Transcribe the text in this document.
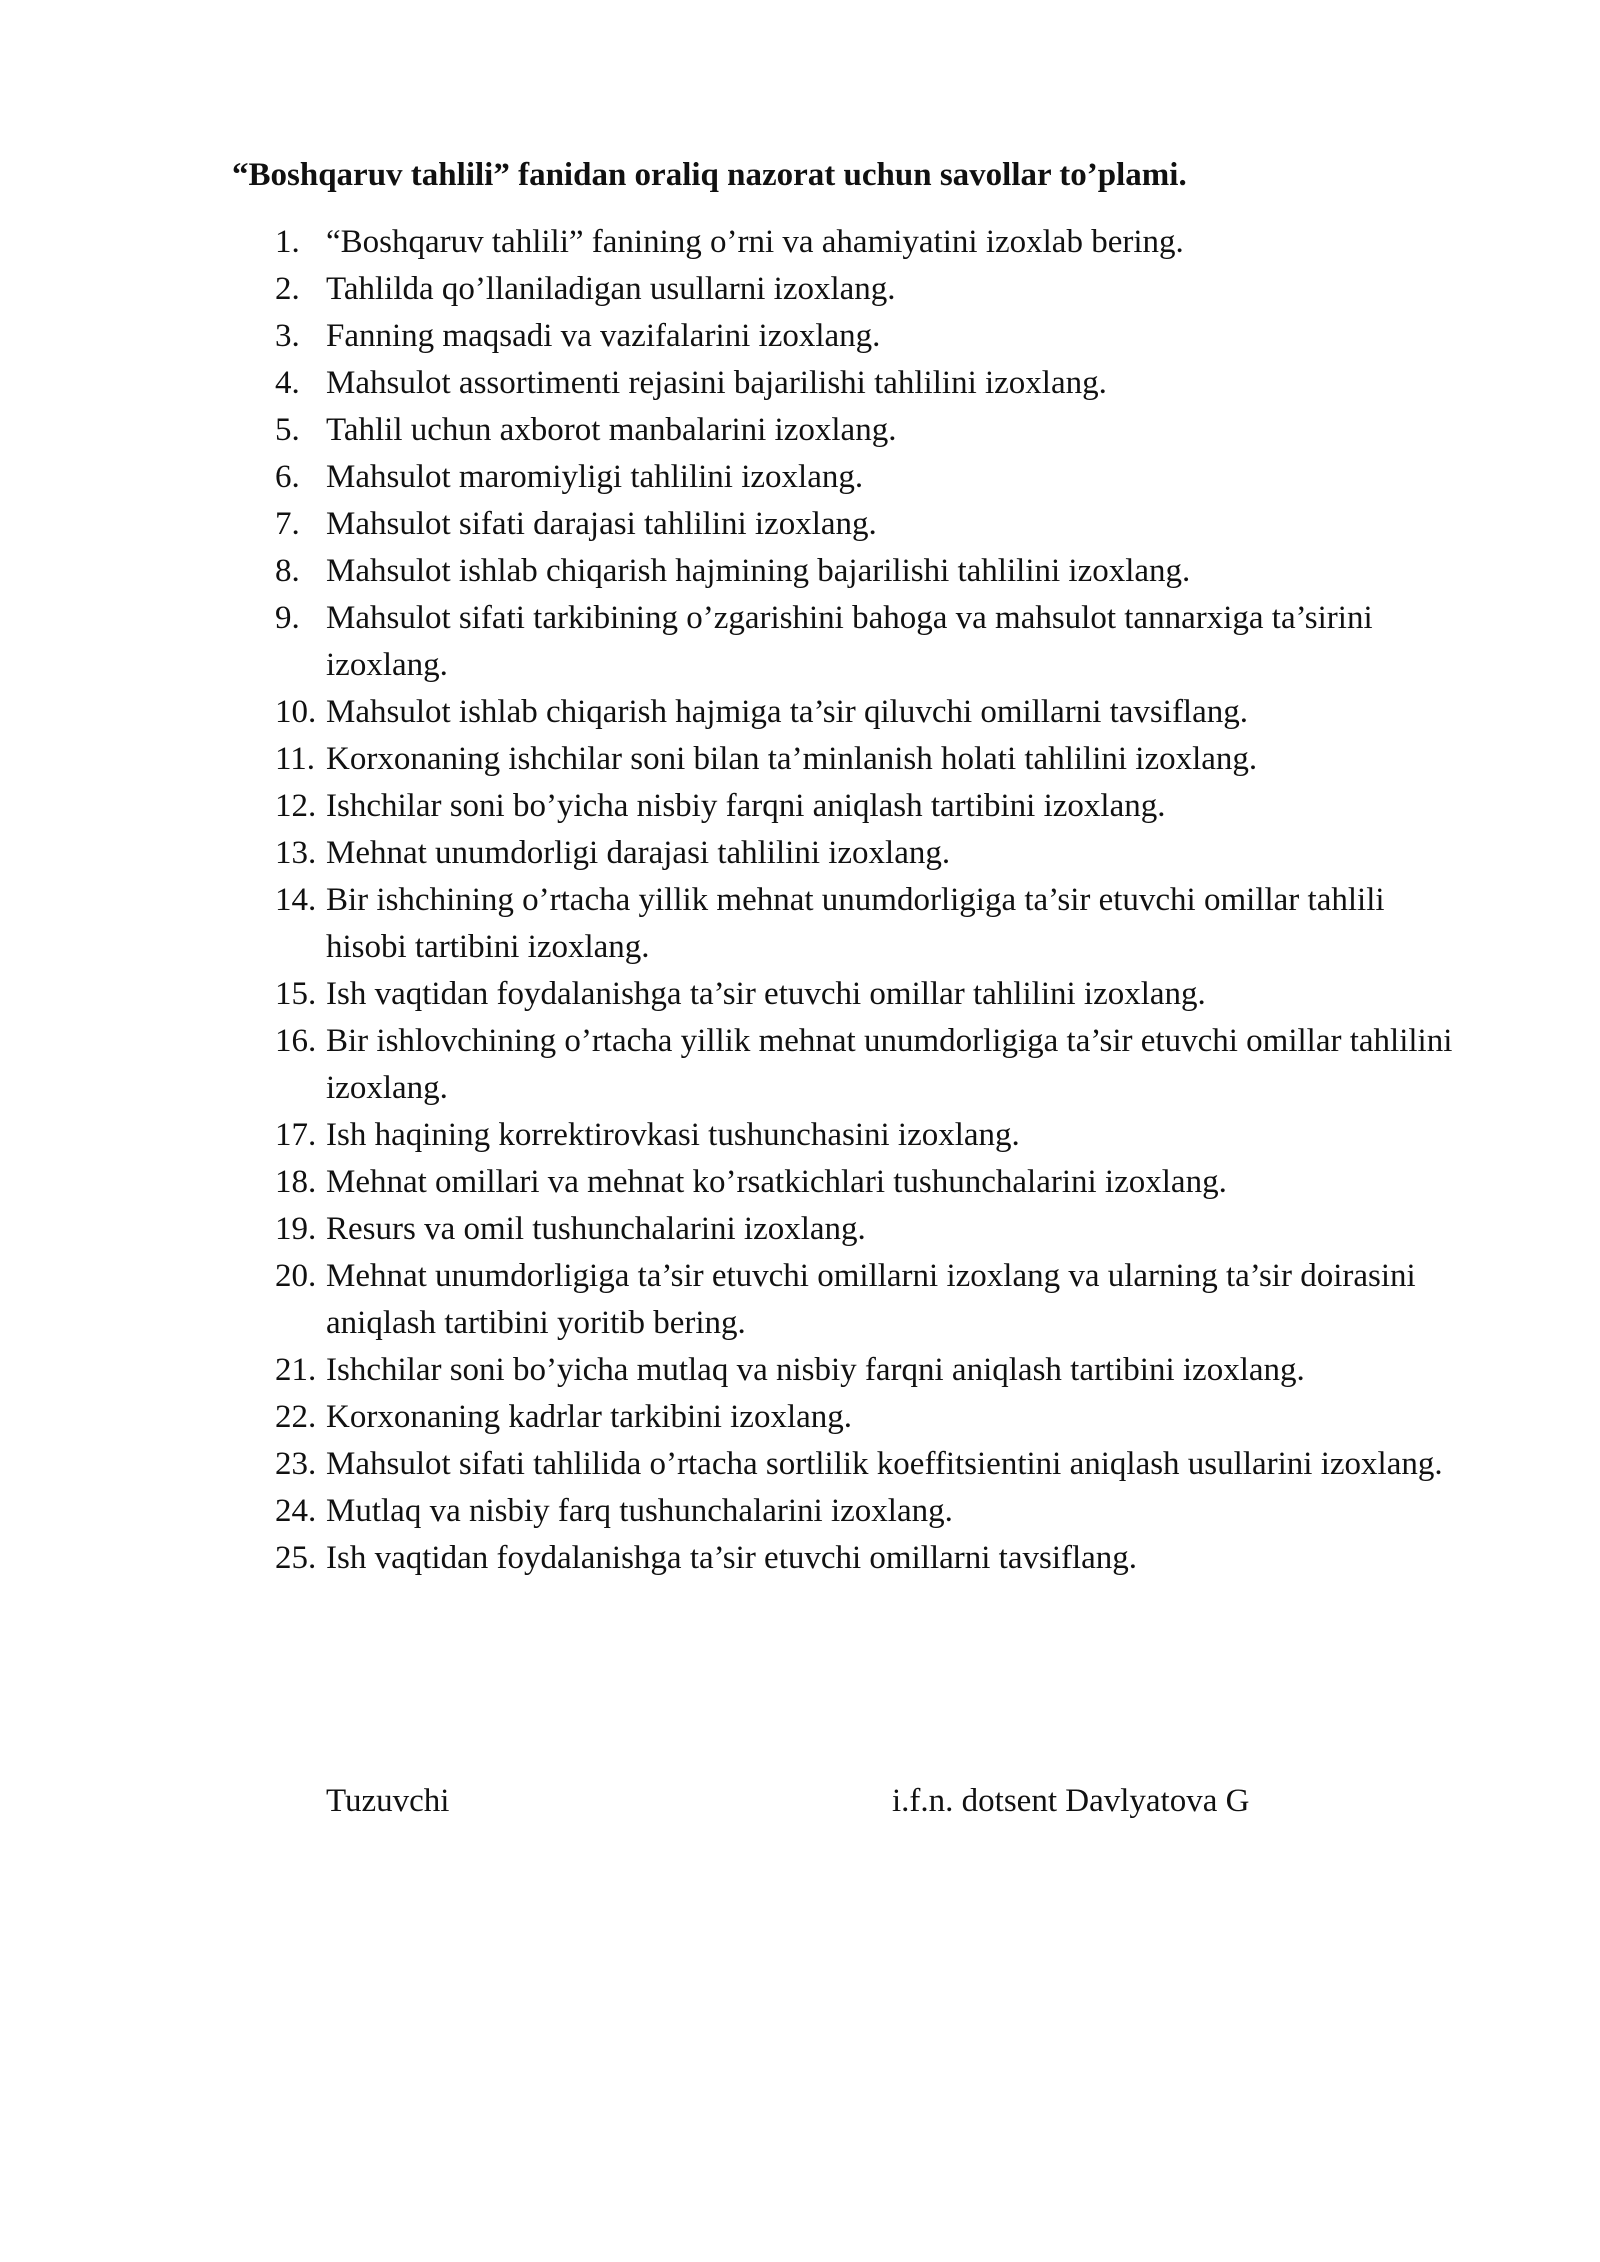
“Boshqaruv tahlili” fanidan oraliq nazorat uchun savollar to’plami.
1. “Boshqaruv tahlili” fanining o’rni va ahamiyatini izoxlab bering.
2. Tahlilda qo’llaniladigan usullarni izoxlang.
3. Fanning maqsadi va vazifalarini izoxlang.
4. Mahsulot assortimenti rejasini bajarilishi tahlilini izoxlang.
5. Tahlil uchun axborot manbalarini izoxlang.
6. Mahsulot maromiyligi tahlilini izoxlang.
7. Mahsulot sifati darajasi tahlilini izoxlang.
8. Mahsulot ishlab chiqarish hajmining bajarilishi tahlilini izoxlang.
9. Mahsulot sifati tarkibining o’zgarishini bahoga va mahsulot tannarxiga ta’sirini izoxlang.
10. Mahsulot ishlab chiqarish hajmiga ta’sir qiluvchi omillarni tavsiflang.
11. Korxonaning ishchilar soni bilan ta’minlanish holati tahlilini izoxlang.
12. Ishchilar soni bo’yicha nisbiy farqni aniqlash tartibini izoxlang.
13. Mehnat unumdorligi darajasi tahlilini izoxlang.
14. Bir ishchining o’rtacha yillik mehnat unumdorligiga ta’sir etuvchi omillar tahlili hisobi tartibini izoxlang.
15. Ish vaqtidan foydalanishga ta’sir etuvchi omillar tahlilini izoxlang.
16. Bir ishlovchining o’rtacha yillik mehnat unumdorligiga ta’sir etuvchi omillar tahlilini izoxlang.
17. Ish haqining korrektirovkasi tushunchasini izoxlang.
18. Mehnat omillari va mehnat ko’rsatkichlari tushunchalarini izoxlang.
19. Resurs va omil tushunchalarini izoxlang.
20. Mehnat unumdorligiga ta’sir etuvchi omillarni izoxlang va ularning ta’sir doirasini aniqlash tartibini yoritib bering.
21. Ishchilar soni bo’yicha mutlaq va nisbiy farqni aniqlash tartibini izoxlang.
22. Korxonaning kadrlar tarkibini izoxlang.
23. Mahsulot sifati tahlilida o’rtacha sortlilik koeffitsientini aniqlash usullarini izoxlang.
24. Mutlaq va nisbiy farq tushunchalarini izoxlang.
25. Ish vaqtidan foydalanishga ta’sir etuvchi omillarni tavsiflang.
Tuzuvchi	i.f.n. dotsent Davlyatova G
